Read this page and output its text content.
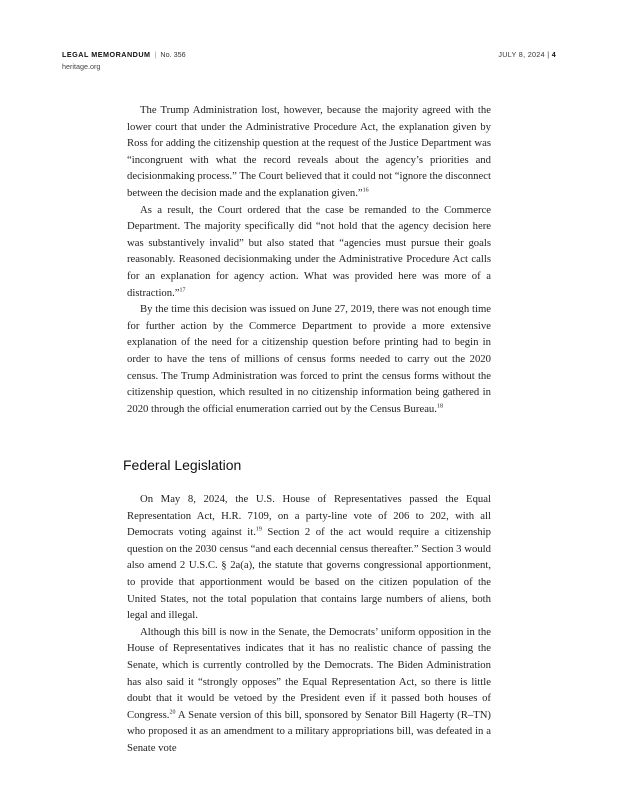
LEGAL MEMORANDUM | No. 356
heritage.org
JULY 8, 2024 | 4

The Trump Administration lost, however, because the majority agreed with the lower court that under the Administrative Procedure Act, the explanation given by Ross for adding the citizenship question at the request of the Justice Department was “incongruent with what the record reveals about the agency’s priorities and decisionmaking process.” The Court believed that it could not “ignore the disconnect between the decision made and the explanation given.”$^{16}$

As a result, the Court ordered that the case be remanded to the Commerce Department. The majority specifically did “not hold that the agency decision here was substantively invalid” but also stated that “agencies must pursue their goals reasonably. Reasoned decisionmaking under the Administrative Procedure Act calls for an explanation for agency action. What was provided here was more of a distraction.”$^{17}$

By the time this decision was issued on June 27, 2019, there was not enough time for further action by the Commerce Department to provide a more extensive explanation of the need for a citizenship question before printing had to begin in order to have the tens of millions of census forms needed to carry out the 2020 census. The Trump Administration was forced to print the census forms without the citizenship question, which resulted in no citizenship information being gathered in 2020 through the official enumeration carried out by the Census Bureau.$^{18}$

Federal Legislation

On May 8, 2024, the U.S. House of Representatives passed the Equal Representation Act, H.R. 7109, on a party-line vote of 206 to 202, with all Democrats voting against it.$^{19}$ Section 2 of the act would require a citizenship question on the 2030 census “and each decennial census thereafter.” Section 3 would also amend 2 U.S.C. § 2a(a), the statute that governs congressional apportionment, to provide that apportionment would be based on the citizen population of the United States, not the total population that contains large numbers of aliens, both legal and illegal.

Although this bill is now in the Senate, the Democrats’ uniform opposition in the House of Representatives indicates that it has no realistic chance of passing the Senate, which is currently controlled by the Democrats. The Biden Administration has also said it “strongly opposes” the Equal Representation Act, so there is little doubt that it would be vetoed by the President even if it passed both houses of Congress.$^{20}$ A Senate version of this bill, sponsored by Senator Bill Hagerty (R–TN) who proposed it as an amendment to a military appropriations bill, was defeated in a Senate vote
